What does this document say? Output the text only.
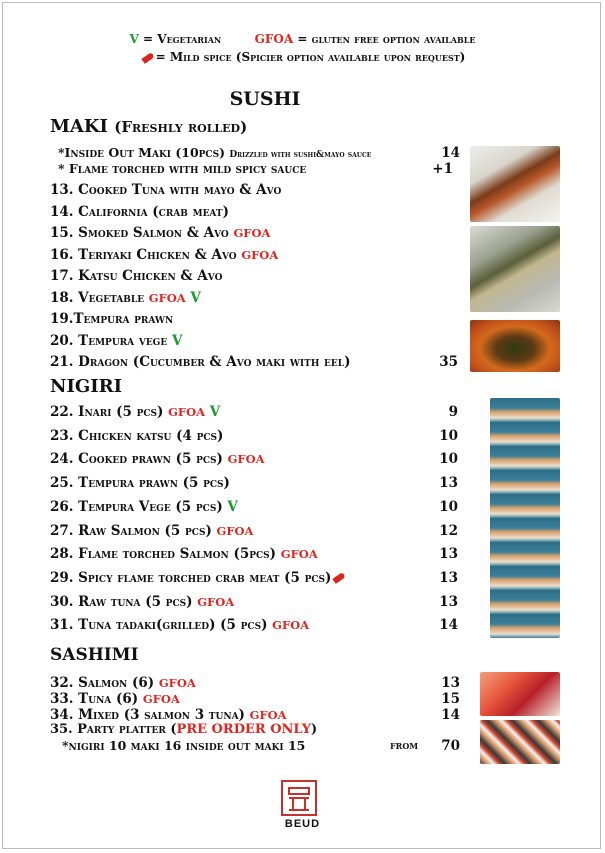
V = Vegetarian	GFOA = gluten free option available
= Mild spice (Spicier option available upon request)
SUSHI
MAKI (Freshly rolled)
*Inside Out Maki (10pcs) Drizzled with sushi&mayo sauce	14
* Flame torched with mild spicy sauce	+1
13. Cooked Tuna with mayo & Avo
14. California (crab meat)
15. Smoked Salmon & Avo GFOA
16. Teriyaki Chicken & Avo GFOA
17. Katsu Chicken & Avo
18. Vegetable GFOA V
19.Tempura prawn
20. Tempura vege V
21. Dragon (Cucumber & Avo maki with eel)	35
NIGIRI
22. Inari (5 pcs) GFOA V	9
23. Chicken katsu (4 pcs)	10
24. Cooked prawn (5 pcs) GFOA	10
25. Tempura prawn (5 pcs)	13
26. Tempura Vege (5 pcs) V	10
27. Raw Salmon (5 pcs) GFOA	12
28. Flame torched Salmon (5pcs) GFOA	13
29. Spicy flame torched crab meat (5 pcs)	13
30. Raw tuna (5 pcs) GFOA	13
31. Tuna tadaki(grilled) (5 pcs) GFOA	14
SASHIMI
32. Salmon (6) GFOA	13
33. Tuna (6) GFOA	15
34. Mixed (3 salmon 3 tuna) GFOA	14
35. Party platter (PRE ORDER ONLY)
*nigiri 10 maki 16 inside out maki 15	from	70
BEUD
